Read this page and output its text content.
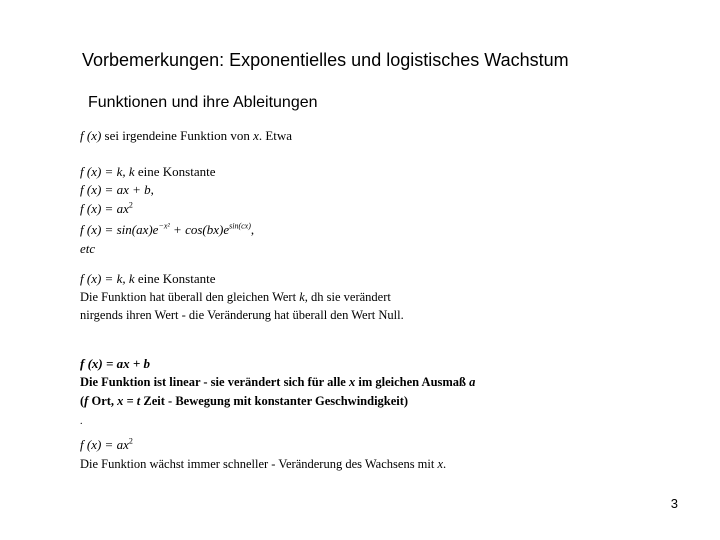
Vorbemerkungen: Exponentielles und logistisches Wachstum
Funktionen und ihre Ableitungen
f (x) sei irgendeine Funktion von x. Etwa
f (x) = k, k eine Konstante
f (x) = ax + b,
f $(x) = ax^2$
f $(x) = \sin(ax)e^{-x^2} + \cos(bx)e^{sin(cx)}$,
etc
f (x) = k, k eine Konstante
Die Funktion hat überall den gleichen Wert k, dh sie verändert
nirgends ihren Wert - die Veränderung hat überall den Wert Null.
f (x) = ax + b
Die Funktion ist linear - sie verändert sich für alle x im gleichen Ausmaß a
(f Ort, x = t Zeit - Bewegung mit konstanter Geschwindigkeit)
.
f $(x) = ax^2$
Die Funktion wächst immer schneller - Veränderung des Wachsens mit x.
3
